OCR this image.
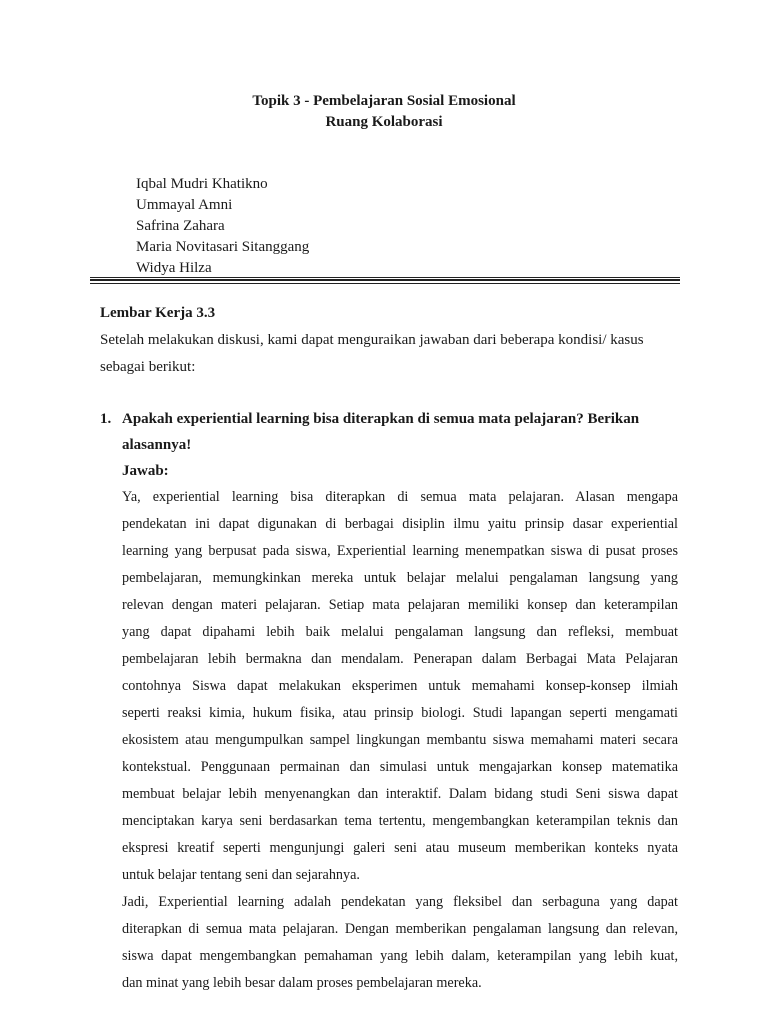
Topik 3 - Pembelajaran Sosial Emosional
Ruang Kolaborasi
Iqbal Mudri Khatikno
Ummayal Amni
Safrina Zahara
Maria Novitasari Sitanggang
Widya Hilza
Lembar Kerja 3.3
Setelah melakukan diskusi, kami dapat menguraikan jawaban dari beberapa kondisi/ kasus
sebagai berikut:
1. Apakah experiential learning bisa diterapkan di semua mata pelajaran? Berikan
alasannya!
Jawab:
Ya, experiential learning bisa diterapkan di semua mata pelajaran. Alasan mengapa
pendekatan ini dapat digunakan di berbagai disiplin ilmu yaitu prinsip dasar experiential
learning yang berpusat pada siswa, Experiential learning menempatkan siswa di pusat proses
pembelajaran, memungkinkan mereka untuk belajar melalui pengalaman langsung yang
relevan dengan materi pelajaran. Setiap mata pelajaran memiliki konsep dan keterampilan
yang dapat dipahami lebih baik melalui pengalaman langsung dan refleksi, membuat
pembelajaran lebih bermakna dan mendalam. Penerapan dalam Berbagai Mata Pelajaran
contohnya Siswa dapat melakukan eksperimen untuk memahami konsep-konsep ilmiah
seperti reaksi kimia, hukum fisika, atau prinsip biologi. Studi lapangan seperti mengamati
ekosistem atau mengumpulkan sampel lingkungan membantu siswa memahami materi secara
kontekstual. Penggunaan permainan dan simulasi untuk mengajarkan konsep matematika
membuat belajar lebih menyenangkan dan interaktif. Dalam bidang studi Seni siswa dapat
menciptakan karya seni berdasarkan tema tertentu, mengembangkan keterampilan teknis dan
ekspresi kreatif seperti mengunjungi galeri seni atau museum memberikan konteks nyata
untuk belajar tentang seni dan sejarahnya.
Jadi, Experiential learning adalah pendekatan yang fleksibel dan serbaguna yang dapat
diterapkan di semua mata pelajaran. Dengan memberikan pengalaman langsung dan relevan,
siswa dapat mengembangkan pemahaman yang lebih dalam, keterampilan yang lebih kuat,
dan minat yang lebih besar dalam proses pembelajaran mereka.
